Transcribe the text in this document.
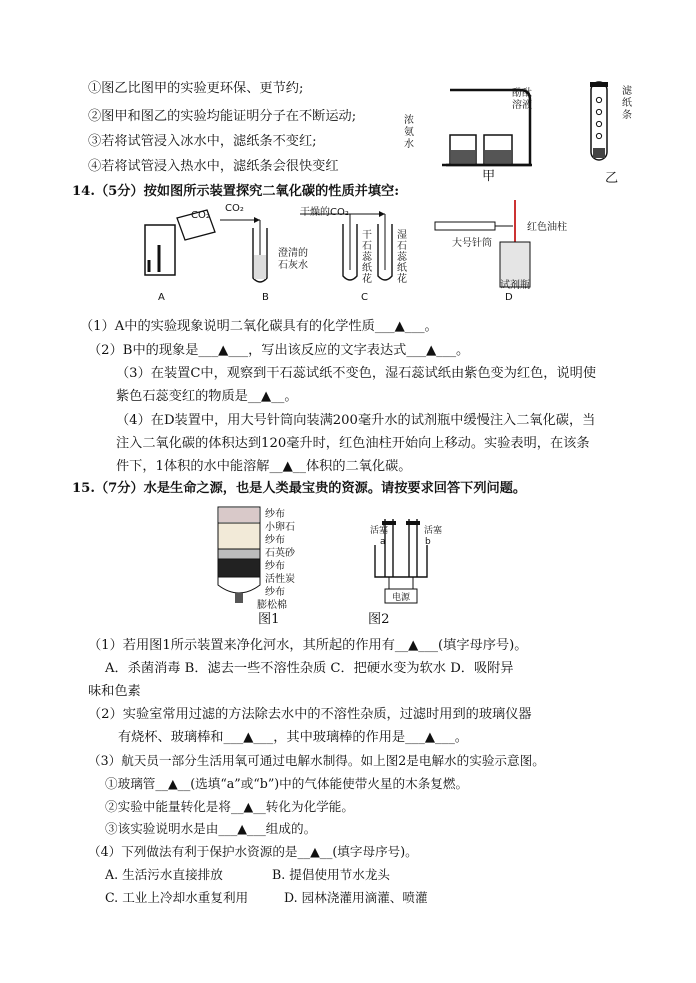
①图乙比图甲的实验更环保、更节约;
②图甲和图乙的实验均能证明分子在不断运动;
③若将试管浸入冰水中，滤纸条不变红;
④若将试管浸入热水中，滤纸条会很快变红
浓氨水
酚酞溶液
甲
滤纸条
乙
14.（5分）按如图所示装置探究二氧化碳的性质并填空:
CO₂
CO₂	干燥的CO₂
澄清的石灰水
干石蕊纸花
湿石蕊纸花
大号针筒
红色油柱
试剂瓶
A	B	C	D
（1）A中的实验现象说明二氧化碳具有的化学性质___▲___。
（2）B中的现象是___▲___，写出该反应的文字表达式___▲___。
（3）在装置C中，观察到干石蕊试纸不变色，湿石蕊试纸由紫色变为红色，说明使
紫色石蕊变红的物质是__▲__。
（4）在D装置中，用大号针筒向装满200毫升水的试剂瓶中缓慢注入二氧化碳，当
注入二氧化碳的体积达到120毫升时，红色油柱开始向上移动。实验表明，在该条
件下，1体积的水中能溶解__▲__体积的二氧化碳。
15.（7分）水是生命之源，也是人类最宝贵的资源。请按要求回答下列问题。
纱布
小卵石
纱布
石英砂
纱布
活性炭
纱布
膨松棉
活塞	活塞
a	b
电源
图1	图2
（1）若用图1所示装置来净化河水，其所起的作用有__▲___(填字母序号)。
A．杀菌消毒 B．滤去一些不溶性杂质 C．把硬水变为软水 D．吸附异
味和色素
（2）实验室常用过滤的方法除去水中的不溶性杂质，过滤时用到的玻璃仪器
有烧杯、玻璃棒和___▲___，其中玻璃棒的作用是___▲___。
（3）航天员一部分生活用氧可通过电解水制得。如上图2是电解水的实验示意图。
①玻璃管__▲__(选填“a”或“b”)中的气体能使带火星的木条复燃。
②实验中能量转化是将__▲__转化为化学能。
③该实验说明水是由___▲___组成的。
（4）下列做法有利于保护水资源的是__▲__(填字母序号)。
A. 生活污水直接排放	B. 提倡使用节水龙头
C. 工业上冷却水重复利用	D. 园林浇灌用滴灌、喷灌
